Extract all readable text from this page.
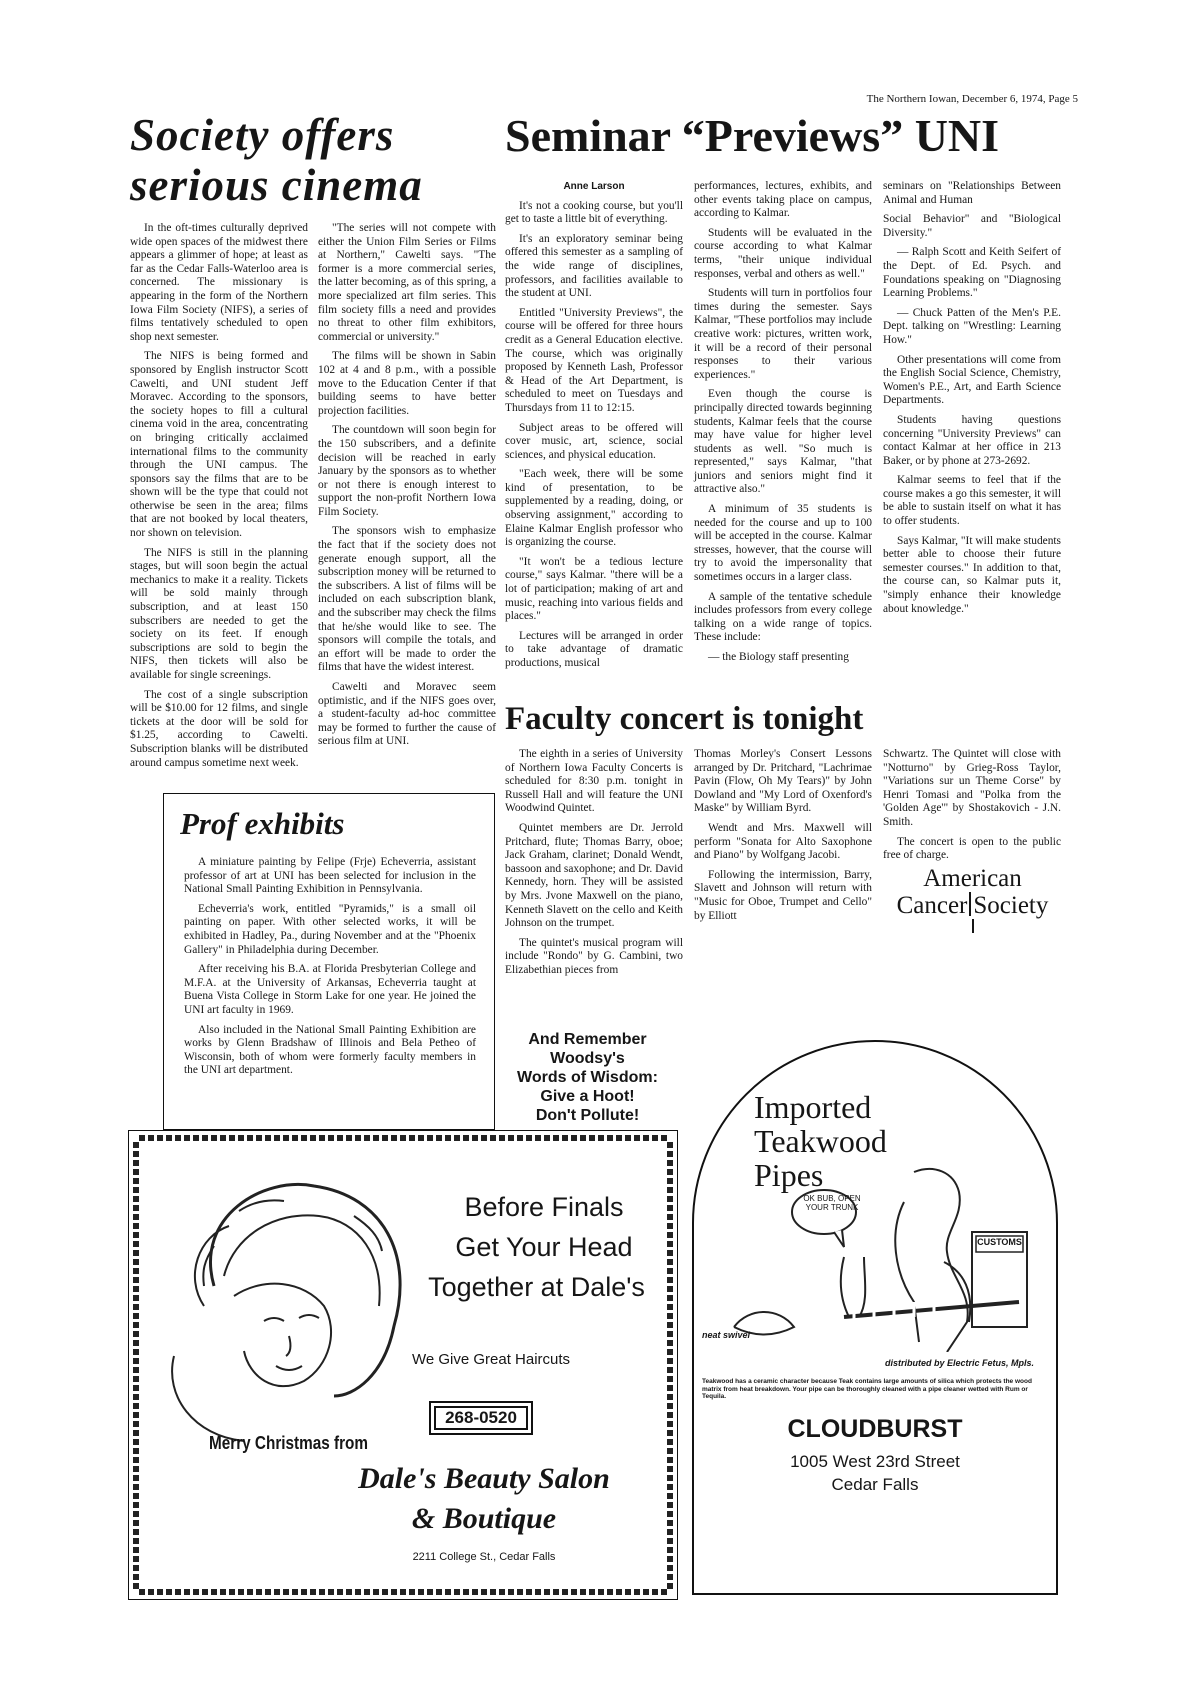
The Northern Iowan, December 6, 1974, Page 5
Society offers
serious cinema

In the oft-times culturally deprived wide open spaces of the midwest there appears a glimmer of hope; at least as far as the Cedar Falls-Waterloo area is concerned. The missionary is appearing in the form of the Northern Iowa Film Society (NIFS), a series of films tentatively scheduled to open shop next semester.

The NIFS is being formed and sponsored by English instructor Scott Cawelti, and UNI student Jeff Moravec. According to the sponsors, the society hopes to fill a cultural cinema void in the area, concentrating on bringing critically acclaimed international films to the community through the UNI campus. The sponsors say the films that are to be shown will be the type that could not otherwise be seen in the area; films that are not booked by local theaters, nor shown on television.

The NIFS is still in the planning stages, but will soon begin the actual mechanics to make it a reality. Tickets will be sold mainly through subscription, and at least 150 subscribers are needed to get the society on its feet. If enough subscriptions are sold to begin the NIFS, then tickets will also be available for single screenings.

The cost of a single subscription will be $10.00 for 12 films, and single tickets at the door will be sold for $1.25, according to Cawelti. Subscription blanks will be distributed around campus sometime next week.

"The series will not compete with either the Union Film Series or Films at Northern," Cawelti says. "The former is a more commercial series, the latter becoming, as of this spring, a more specialized art film series. This film society fills a need and provides no threat to other film exhibitors, commercial or university."

The films will be shown in Sabin 102 at 4 and 8 p.m., with a possible move to the Education Center if that building seems to have better projection facilities.

The countdown will soon begin for the 150 subscribers, and a definite decision will be reached in early January by the sponsors as to whether or not there is enough interest to support the non-profit Northern Iowa Film Society.

The sponsors wish to emphasize the fact that if the society does not generate enough support, all the subscription money will be returned to the subscribers. A list of films will be included on each subscription blank, and the subscriber may check the films that he/she would like to see. The sponsors will compile the totals, and an effort will be made to order the films that have the widest interest.

Cawelti and Moravec seem optimistic, and if the NIFS goes over, a student-faculty ad-hoc committee may be formed to further the cause of serious film at UNI.

Seminar “Previews” UNI
Anne Larson

It's not a cooking course, but you'll get to taste a little bit of everything.

It's an exploratory seminar being offered this semester as a sampling of the wide range of disciplines, professors, and facilities available to the student at UNI.

Entitled "University Previews", the course will be offered for three hours credit as a General Education elective. The course, which was originally proposed by Kenneth Lash, Professor & Head of the Art Department, is scheduled to meet on Tuesdays and Thursdays from 11 to 12:15.

Subject areas to be offered will cover music, art, science, social sciences, and physical education.

"Each week, there will be some kind of presentation, to be supplemented by a reading, doing, or observing assignment," according to Elaine Kalmar English professor who is organizing the course.

"It won't be a tedious lecture course," says Kalmar. "there will be a lot of participation; making of art and music, reaching into various fields and places."

Lectures will be arranged in order to take advantage of dramatic productions, musical

performances, lectures, exhibits, and other events taking place on campus, according to Kalmar.

Students will be evaluated in the course according to what Kalmar terms, "their unique individual responses, verbal and others as well."

Students will turn in portfolios four times during the semester. Says Kalmar, "These portfolios may include creative work: pictures, written work, it will be a record of their personal responses to their various experiences."

Even though the course is principally directed towards beginning students, Kalmar feels that the course may have value for higher level students as well. "So much is represented," says Kalmar, "that juniors and seniors might find it attractive also."

A minimum of 35 students is needed for the course and up to 100 will be accepted in the course. Kalmar stresses, however, that the course will try to avoid the impersonality that sometimes occurs in a larger class.

A sample of the tentative schedule includes professors from every college talking on a wide range of topics. These include:

— the Biology staff presenting

seminars on "Relationships Between Animal and Human

Social Behavior" and "Biological Diversity."

— Ralph Scott and Keith Seifert of the Dept. of Ed. Psych. and Foundations speaking on "Diagnosing Learning Problems."

— Chuck Patten of the Men's P.E. Dept. talking on "Wrestling: Learning How."

Other presentations will come from the English Social Science, Chemistry, Women's P.E., Art, and Earth Science Departments.

Students having questions concerning "University Previews" can contact Kalmar at her office in 213 Baker, or by phone at 273-2692.

Kalmar seems to feel that if the course makes a go this semester, it will be able to sustain itself on what it has to offer students.

Says Kalmar, "It will make students better able to choose their future semester courses." In addition to that, the course can, so Kalmar puts it, "simply enhance their knowledge about knowledge."

Faculty concert is tonight

The eighth in a series of University of Northern Iowa Faculty Concerts is scheduled for 8:30 p.m. tonight in Russell Hall and will feature the UNI Woodwind Quintet.

Quintet members are Dr. Jerrold Pritchard, flute; Thomas Barry, oboe; Jack Graham, clarinet; Donald Wendt, bassoon and saxophone; and Dr. David Kennedy, horn. They will be assisted by Mrs. Jvone Maxwell on the piano, Kenneth Slavett on the cello and Keith Johnson on the trumpet.

The quintet's musical program will include "Rondo" by G. Cambini, two Elizabethian pieces from

Thomas Morley's Consert Lessons arranged by Dr. Pritchard, "Lachrimae Pavin (Flow, Oh My Tears)" by John Dowland and "My Lord of Oxenford's Maske" by William Byrd.

Wendt and Mrs. Maxwell will perform "Sonata for Alto Saxophone and Piano" by Wolfgang Jacobi.

Following the intermission, Barry, Slavett and Johnson will return with "Music for Oboe, Trumpet and Cello" by Elliott

Schwartz. The Quintet will close with "Notturno" by Grieg-Ross Taylor, "Variations sur un Theme Corse" by Henri Tomasi and "Polka from the 'Golden Age'" by Shostakovich - J.N. Smith.

The concert is open to the public free of charge.

American
Cancer Society
Prof exhibits

A miniature painting by Felipe (Frje) Echeverria, assistant professor of art at UNI has been selected for inclusion in the National Small Painting Exhibition in Pennsylvania.

Echeverria's work, entitled "Pyramids," is a small oil painting on paper. With other selected works, it will be exhibited in Hadley, Pa., during November and at the "Phoenix Gallery" in Philadelphia during December.

After receiving his B.A. at Florida Presbyterian College and M.F.A. at the University of Arkansas, Echeverria taught at Buena Vista College in Storm Lake for one year. He joined the UNI art faculty in 1969.

Also included in the National Small Painting Exhibition are works by Glenn Bradshaw of Illinois and Bela Petheo of Wisconsin, both of whom were formerly faculty members in the UNI art department.

And Remember
Woodsy's
Words of Wisdom:
Give a Hoot!
Don't Pollute!
Before Finals
Get Your Head
Together at Dale's
We Give Great Haircuts
268-0520
Merry Christmas from
Dale's Beauty Salon
& Boutique
2211 College St., Cedar Falls
Imported
Teakwood
Pipes
OK BUB, OPEN YOUR TRUNK
CUSTOMS
neat swivel
distributed by Electric Fetus, Mpls.
Teakwood has a ceramic character because Teak contains large amounts of silica which protects the wood matrix from heat breakdown. Your pipe can be thoroughly cleaned with a pipe cleaner wetted with Rum or Tequila.
CLOUDBURST
1005 West 23rd Street
Cedar Falls
